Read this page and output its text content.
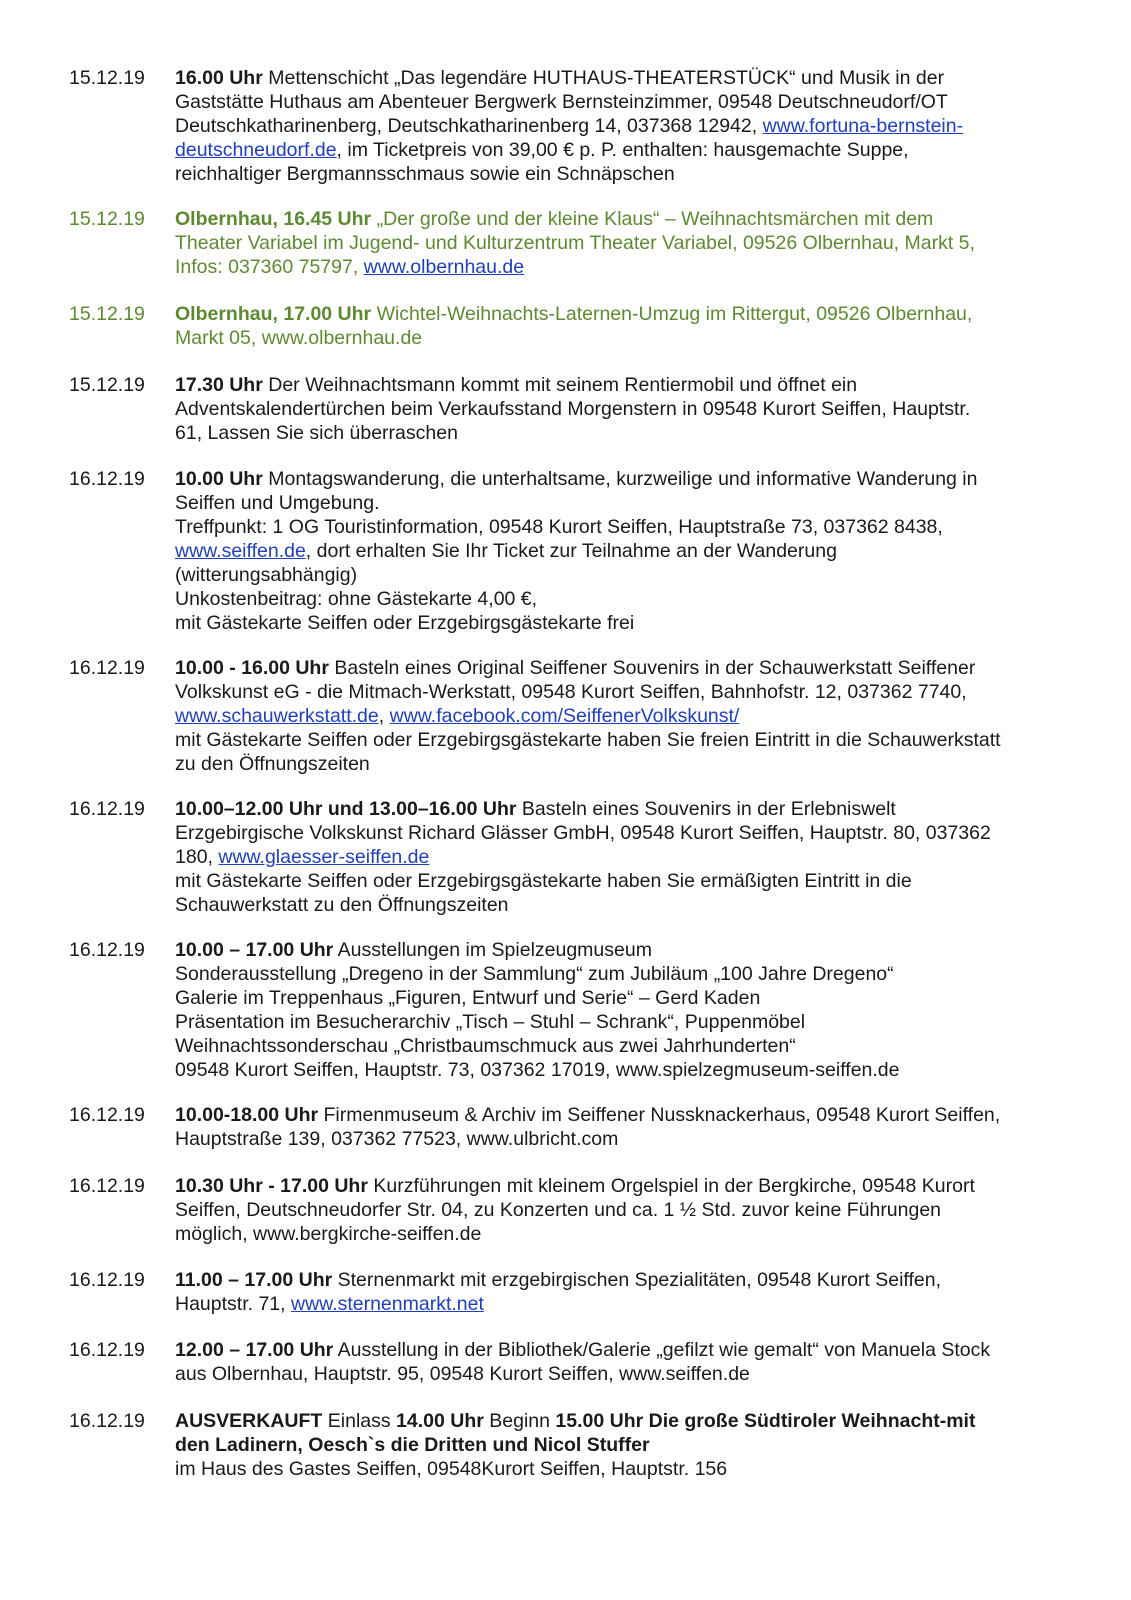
15.12.19	16.00 Uhr Mettenschicht „Das legendäre HUTHAUS-THEATERSTÜCK“ und Musik in der
Gaststätte Huthaus am Abenteuer Bergwerk Bernsteinzimmer, 09548 Deutschneudorf/OT
Deutschkatharinenberg, Deutschkatharinenberg 14, 037368 12942, www.fortuna-bernstein-
deutschneudorf.de, im Ticketpreis von 39,00 € p. P. enthalten: hausgemachte Suppe,
reichhaltiger Bergmannsschmaus sowie ein Schnäpschen
15.12.19	Olbernhau, 16.45 Uhr „Der große und der kleine Klaus“ – Weihnachtsmärchen mit dem
Theater Variabel im Jugend- und Kulturzentrum Theater Variabel, 09526 Olbernhau, Markt 5,
Infos: 037360 75797, www.olbernhau.de
15.12.19	Olbernhau, 17.00 Uhr Wichtel-Weihnachts-Laternen-Umzug im Rittergut, 09526 Olbernhau,
Markt 05, www.olbernhau.de
15.12.19	17.30 Uhr Der Weihnachtsmann kommt mit seinem Rentiermobil und öffnet ein
Adventskalendertürchen beim Verkaufsstand Morgenstern in 09548 Kurort Seiffen, Hauptstr.
61, Lassen Sie sich überraschen
16.12.19	10.00 Uhr Montagswanderung, die unterhaltsame, kurzweilige und informative Wanderung in
Seiffen und Umgebung.
Treffpunkt: 1 OG Touristinformation, 09548 Kurort Seiffen, Hauptstraße 73, 037362 8438,
www.seiffen.de, dort erhalten Sie Ihr Ticket zur Teilnahme an der Wanderung
(witterungsabhängig)
Unkostenbeitrag: ohne Gästekarte 4,00 €,
mit Gästekarte Seiffen oder Erzgebirgsgästekarte frei
16.12.19	10.00 - 16.00 Uhr Basteln eines Original Seiffener Souvenirs in der Schauwerkstatt Seiffener
Volkskunst eG - die Mitmach-Werkstatt, 09548 Kurort Seiffen, Bahnhofstr. 12, 037362 7740,
www.schauwerkstatt.de, www.facebook.com/SeiffenerVolkskunst/
mit Gästekarte Seiffen oder Erzgebirgsgästekarte haben Sie freien Eintritt in die Schauwerkstatt
zu den Öffnungszeiten
16.12.19	10.00–12.00 Uhr und 13.00–16.00 Uhr Basteln eines Souvenirs in der Erlebniswelt
Erzgebirgische Volkskunst Richard Glässer GmbH, 09548 Kurort Seiffen, Hauptstr. 80, 037362
180, www.glaesser-seiffen.de
mit Gästekarte Seiffen oder Erzgebirgsgästekarte haben Sie ermäßigten Eintritt in die
Schauwerkstatt zu den Öffnungszeiten
16.12.19	10.00 – 17.00 Uhr Ausstellungen im Spielzeugmuseum
Sonderausstellung „Dregeno in der Sammlung“ zum Jubiläum „100 Jahre Dregeno“
Galerie im Treppenhaus „Figuren, Entwurf und Serie“ – Gerd Kaden
Präsentation im Besucherarchiv „Tisch – Stuhl – Schrank“, Puppenmöbel
Weihnachtssonderschau „Christbaumschmuck aus zwei Jahrhunderten“
09548 Kurort Seiffen, Hauptstr. 73, 037362 17019, www.spielzegmuseum-seiffen.de
16.12.19	10.00-18.00 Uhr Firmenmuseum & Archiv im Seiffener Nussknackerhaus, 09548 Kurort Seiffen,
Hauptstraße 139, 037362 77523, www.ulbricht.com
16.12.19	10.30 Uhr - 17.00 Uhr Kurzführungen mit kleinem Orgelspiel in der Bergkirche, 09548 Kurort
Seiffen, Deutschneudorfer Str. 04, zu Konzerten und ca. 1 ½ Std. zuvor keine Führungen
möglich, www.bergkirche-seiffen.de
16.12.19	11.00 – 17.00 Uhr Sternenmarkt mit erzgebirgischen Spezialitäten, 09548 Kurort Seiffen,
Hauptstr. 71, www.sternenmarkt.net
16.12.19	12.00 – 17.00 Uhr Ausstellung in der Bibliothek/Galerie „gefilzt wie gemalt“ von Manuela Stock
aus Olbernhau, Hauptstr. 95, 09548 Kurort Seiffen, www.seiffen.de
16.12.19	AUSVERKAUFT Einlass 14.00 Uhr Beginn 15.00 Uhr Die große Südtiroler Weihnacht-mit
den Ladinern, Oesch`s die Dritten und Nicol Stuffer
im Haus des Gastes Seiffen, 09548Kurort Seiffen, Hauptstr. 156
